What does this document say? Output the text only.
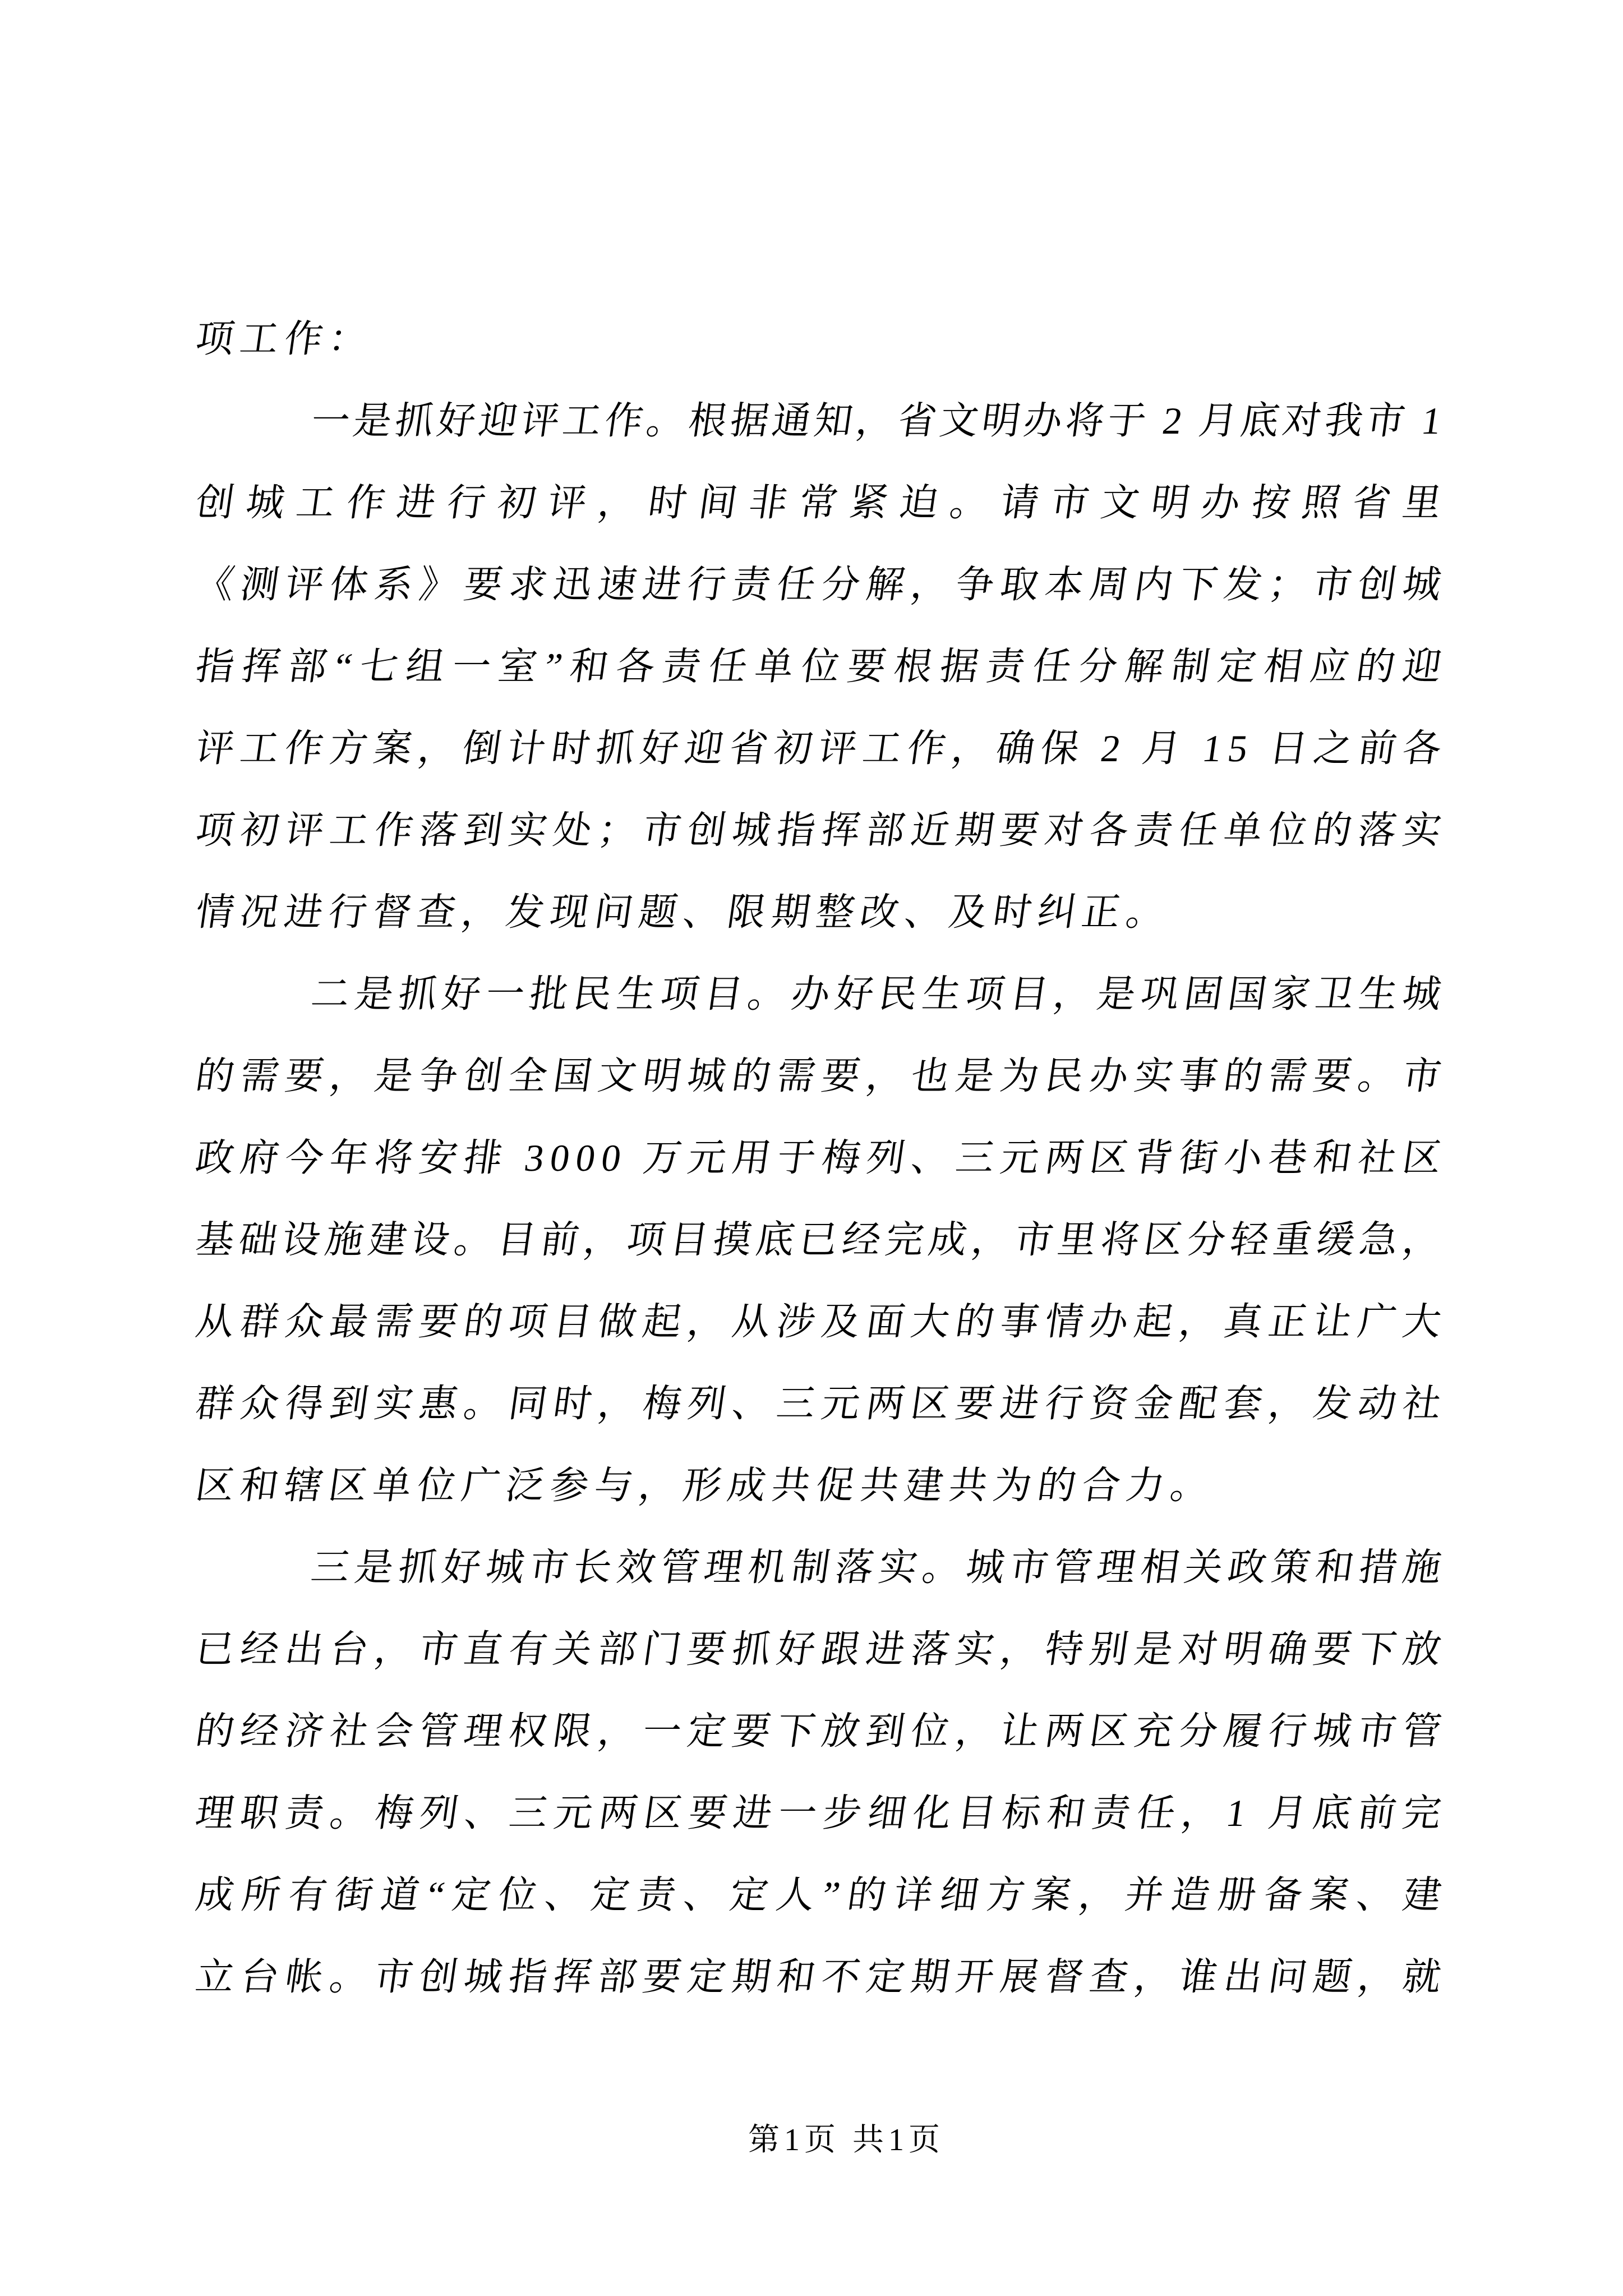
项工作：
一是抓好迎评工作。根据通知，省文明办将于 2 月底对我市 1
创城工作进行初评，时间非常紧迫。请市文明办按照省里
《测评体系》要求迅速进行责任分解，争取本周内下发；市创城
指挥部“七组一室”和各责任单位要根据责任分解制定相应的迎
评工作方案，倒计时抓好迎省初评工作，确保 2 月 15 日之前各
项初评工作落到实处；市创城指挥部近期要对各责任单位的落实
情况进行督查，发现问题、限期整改、及时纠正。
二是抓好一批民生项目。办好民生项目，是巩固国家卫生城
的需要，是争创全国文明城的需要，也是为民办实事的需要。市
政府今年将安排 3000 万元用于梅列、三元两区背街小巷和社区
基础设施建设。目前，项目摸底已经完成，市里将区分轻重缓急，
从群众最需要的项目做起，从涉及面大的事情办起，真正让广大
群众得到实惠。同时，梅列、三元两区要进行资金配套，发动社
区和辖区单位广泛参与，形成共促共建共为的合力。
三是抓好城市长效管理机制落实。城市管理相关政策和措施
已经出台，市直有关部门要抓好跟进落实，特别是对明确要下放
的经济社会管理权限，一定要下放到位，让两区充分履行城市管
理职责。梅列、三元两区要进一步细化目标和责任，1 月底前完
成所有街道“定位、定责、定人”的详细方案，并造册备案、建
立台帐。市创城指挥部要定期和不定期开展督查，谁出问题，就
第1页 共1页
